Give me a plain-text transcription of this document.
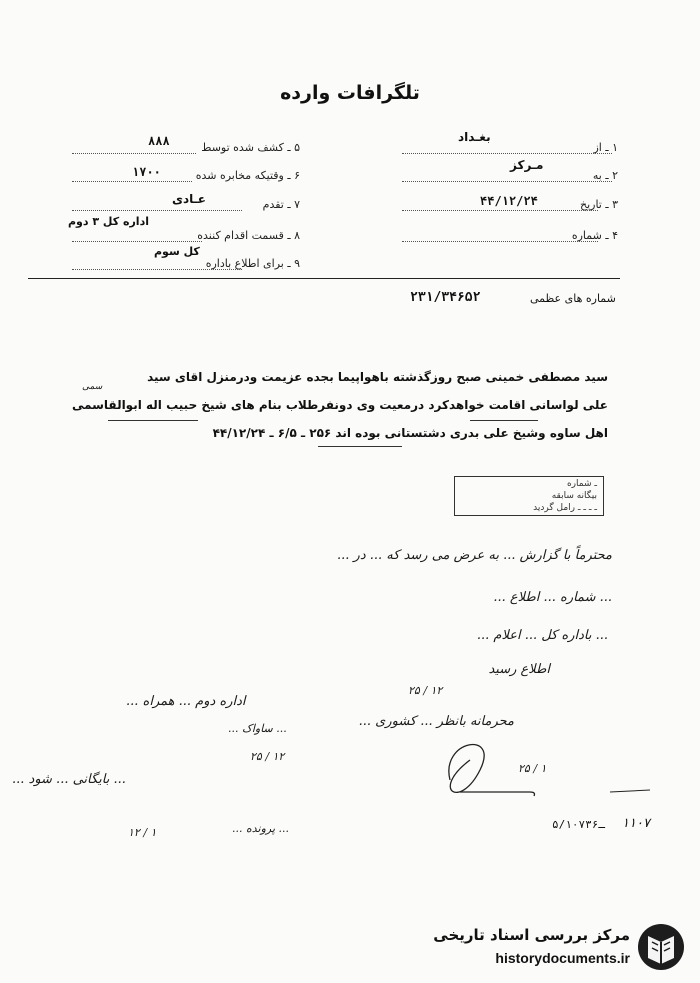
تلگرافات وارده
۱ ـ از
بغـداد
۲ ـ به
مـرکز
۳ ـ تاریخ
۴۴/۱۲/۲۴
۴ ـ شماره
۵ ـ کشف شده توسط
۸۸۸
۶ ـ وقتیکه مخابره شده
۱۷۰۰
۷ ـ تقدم
عـادی
۸ ـ قسمت اقدام کننده
اداره کل ۳ دوم
۹ ـ برای اطلاع باداره
کل سوم
شماره های عظمی
۲۳۱/۳۴۶۵۲
سید مصطفی خمینی صبح روزگذشته باهواپیما بجده عزیمت ودرمنزل اقای سید
علی لواسانی اقامت خواهدکرد درمعیت وی دونفرطلاب بنام های شیخ حبیب اله ابوالقاسمی
سمی
اهل ساوه وشیخ علی بدری دشتستانی بوده اند ۲۵۶ ـ ۶/۵ ـ ۴۴/۱۲/۲۴
ـ شماره
بیگانه سابقه
ـ ـ ـ ـ رامل گردید
محترماً با گزارش ... به عرض می رسد که ... در ...
... شماره ... اطلاع ...
... باداره کل ... اعلام ...
اطلاع رسید
۲۵ / ۱۲
محرمانه بانظر ... کشوری ...
۲۵ / ۱
اداره دوم ... همراه ...
... ساواک ...
۲۵ / ۱۲
... بایگانی ... شود ...
... پرونده ...
۱۲ / ۱
۵/۱۰۷ـ۳۶ ۱۱۰۷
مرکز بررسی اسناد تاریخی
historydocuments.ir
